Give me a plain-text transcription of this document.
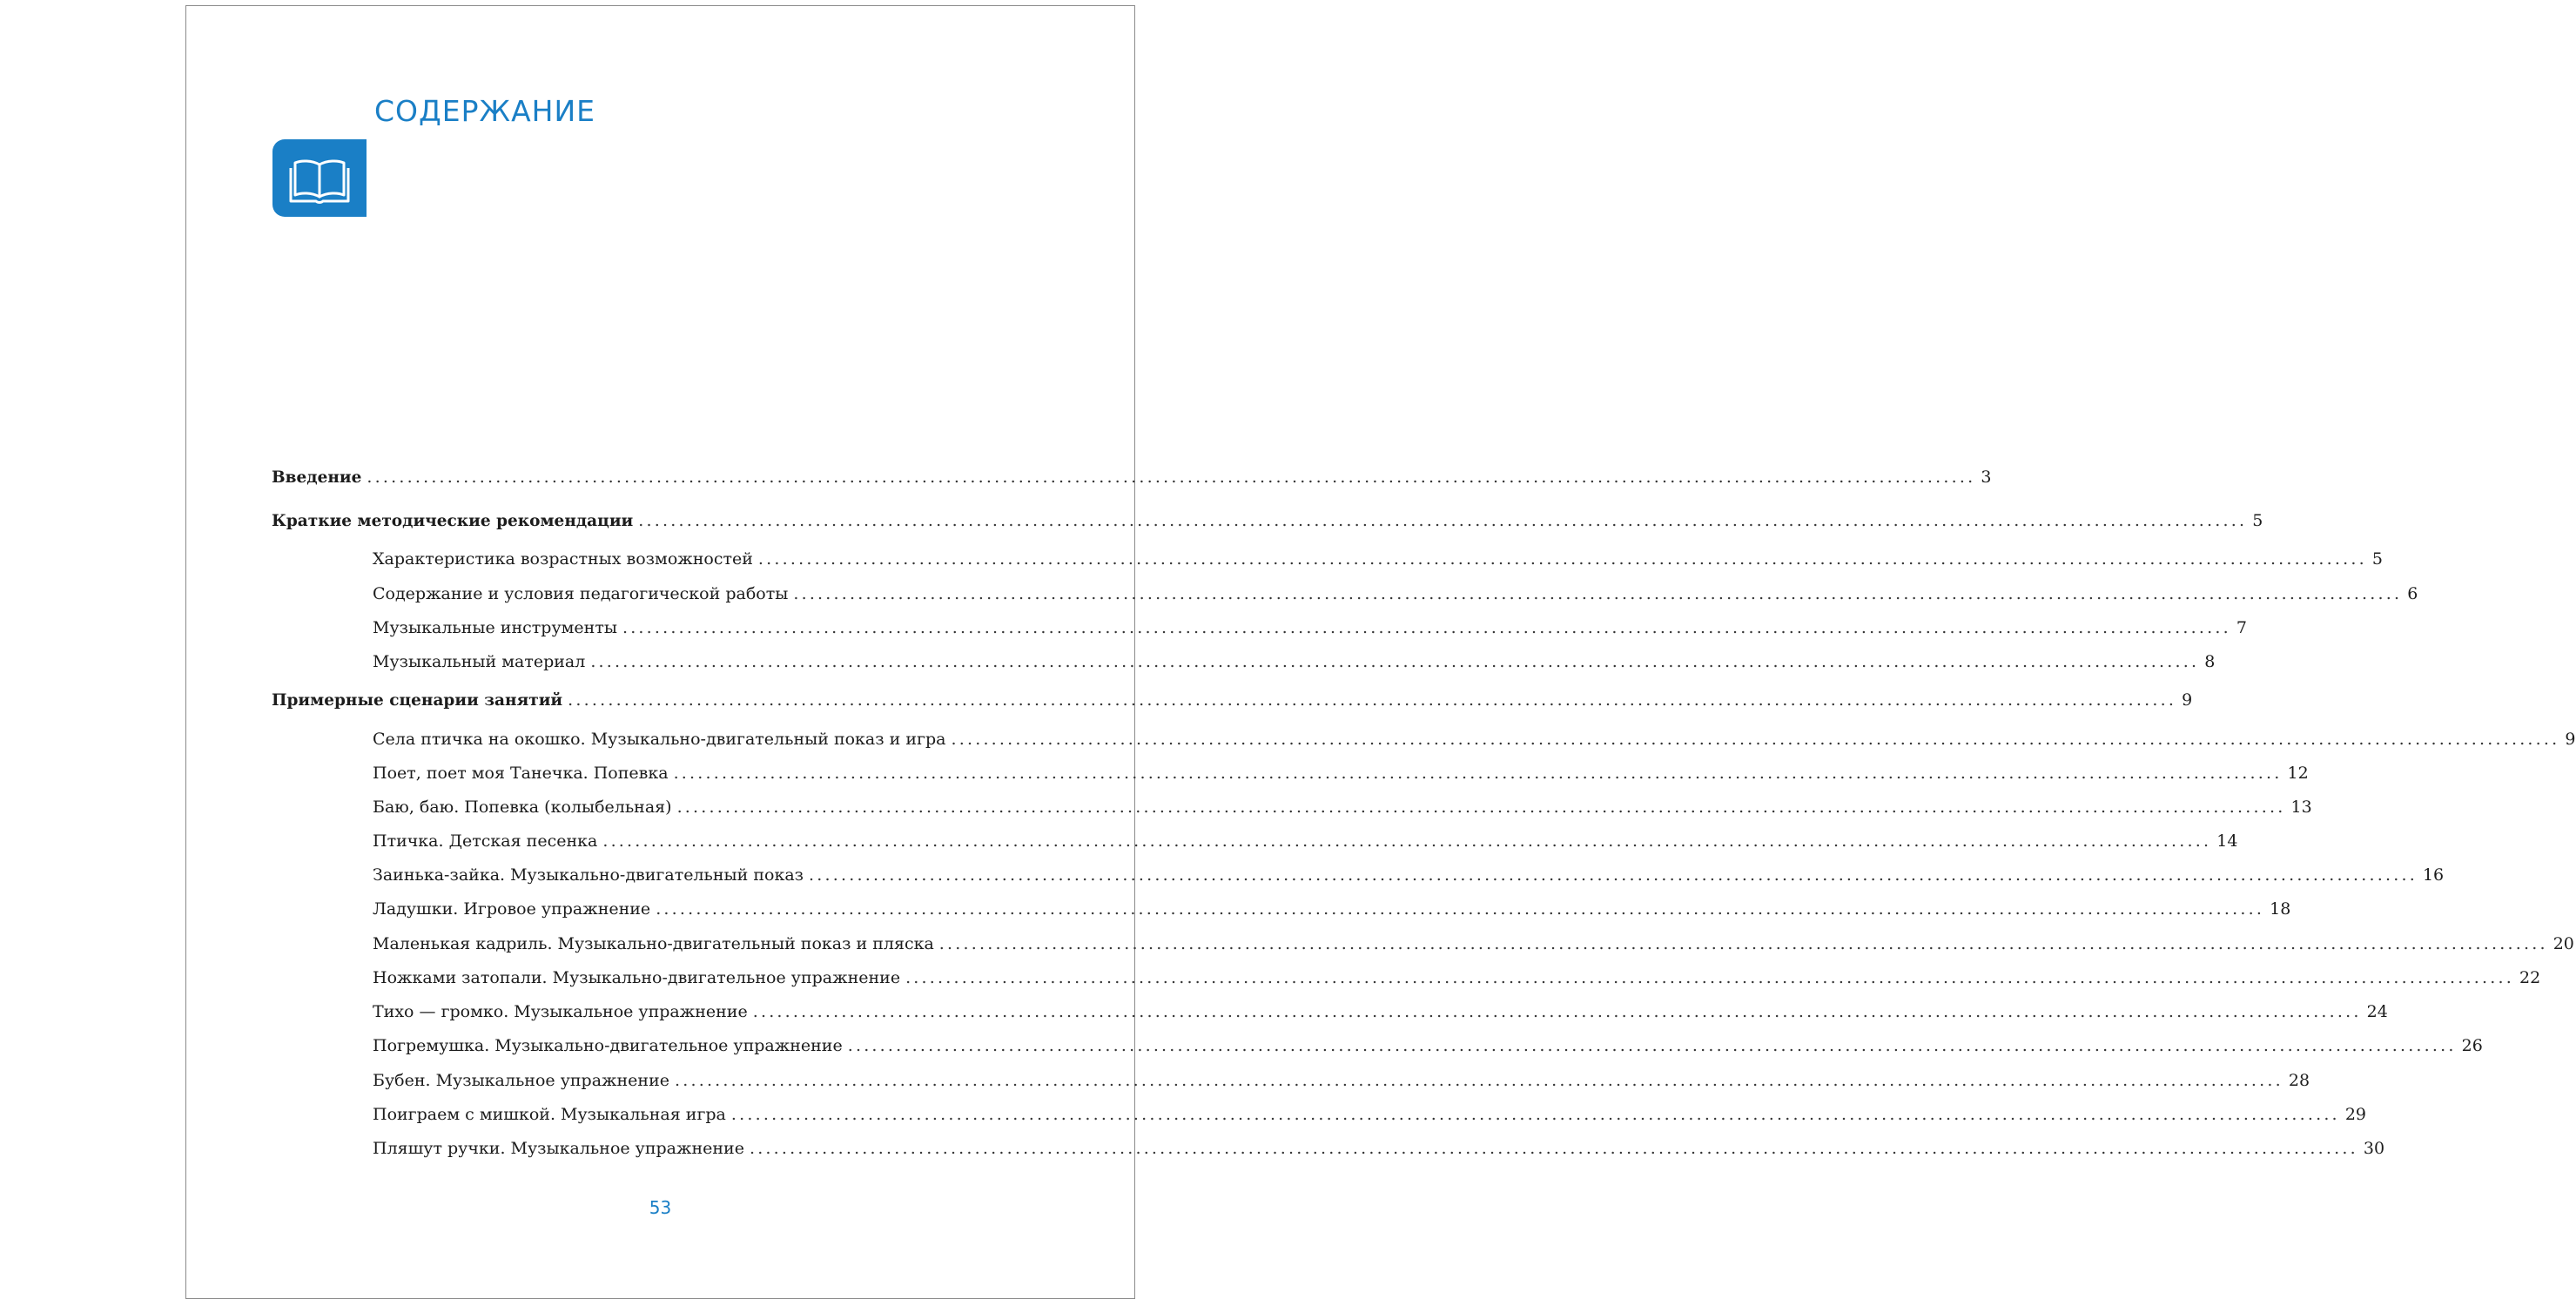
СОДЕРЖАНИЕ
Введение ........................................................................................................................................................................................................ 3
Краткие методические рекомендации ........................................................................................................................................................................................................ 5
Характеристика возрастных возможностей ........................................................................................................................................................................................................ 5
Содержание и условия педагогической работы ........................................................................................................................................................................................................ 6
Музыкальные инструменты ........................................................................................................................................................................................................ 7
Музыкальный материал ........................................................................................................................................................................................................ 8
Примерные сценарии занятий ........................................................................................................................................................................................................ 9
Села птичка на окошко. Музыкально-двигательный показ и игра ........................................................................................................................................................................................................ 9
Поет, поет моя Танечка. Попевка ........................................................................................................................................................................................................ 12
Баю, баю. Попевка (колыбельная) ........................................................................................................................................................................................................ 13
Птичка. Детская песенка ........................................................................................................................................................................................................ 14
Заинька-зайка. Музыкально-двигательный показ ........................................................................................................................................................................................................ 16
Ладушки. Игровое упражнение ........................................................................................................................................................................................................ 18
Маленькая кадриль. Музыкально-двигательный показ и пляска ........................................................................................................................................................................................................ 20
Ножками затопали. Музыкально-двигательное упражнение ........................................................................................................................................................................................................ 22
Тихо — громко. Музыкальное упражнение ........................................................................................................................................................................................................ 24
Погремушка. Музыкально-двигательное упражнение ........................................................................................................................................................................................................ 26
Бубен. Музыкальное упражнение ........................................................................................................................................................................................................ 28
Поиграем с мишкой. Музыкальная игра ........................................................................................................................................................................................................ 29
Пляшут ручки. Музыкальное упражнение ........................................................................................................................................................................................................ 30
53
